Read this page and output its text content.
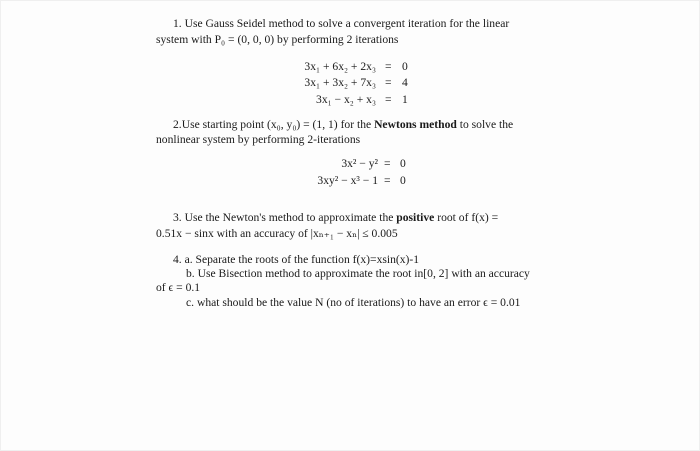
1. Use Gauss Seidel method to solve a convergent iteration for the linear
system with P₀ = (0, 0, 0) by performing 2 iterations
3x₁ + 6x₂ + 2x₃ = 0
3x₁ + 3x₂ + 7x₃ = 4
3x₁ − x₂ + x₃ = 1
2.Use starting point (x₀, y₀) = (1, 1) for the Newtons method to solve the
nonlinear system by performing 2-iterations
3x² − y² = 0
3xy² − x³ − 1 = 0
3. Use the Newton's method to approximate the positive root of f(x) =
0.51x − sinx with an accuracy of |xₙ₊₁ − xₙ| ≤ 0.005
4. a. Separate the roots of the function f(x)=xsin(x)-1
b. Use Bisection method to approximate the root in[0, 2] with an accuracy
of ϵ = 0.1
c. what should be the value N (no of iterations) to have an error ϵ = 0.01
